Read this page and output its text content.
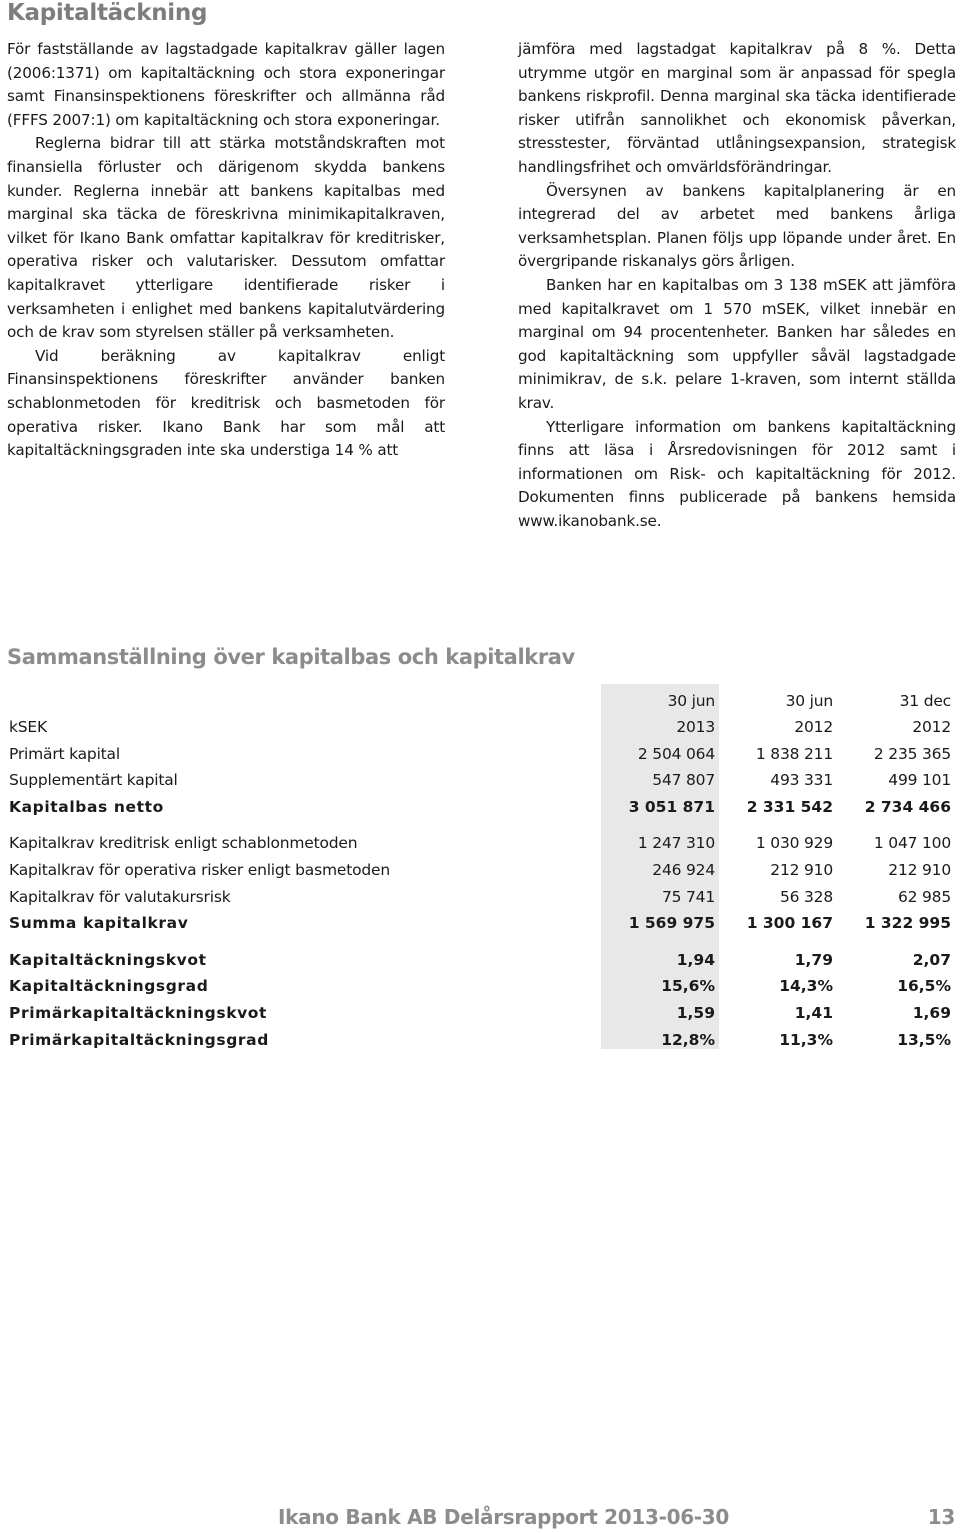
Kapitaltäckning

För fastställande av lagstadgade kapitalkrav gäller lagen (2006:1371) om kapitaltäckning och stora exponeringar samt Finansinspektionens föreskrifter och allmänna råd (FFFS 2007:1) om kapitaltäckning och stora exponeringar.

Reglerna bidrar till att stärka motståndskraften mot finansiella förluster och därigenom skydda bankens kunder. Reglerna innebär att bankens kapitalbas med marginal ska täcka de föreskrivna minimikapitalkraven, vilket för Ikano Bank omfattar kapitalkrav för kreditrisker, operativa risker och valutarisker. Dessutom omfattar kapitalkravet ytterligare identifierade risker i verksamheten i enlighet med bankens kapitalutvärdering och de krav som styrelsen ställer på verksamheten.

Vid beräkning av kapitalkrav enligt Finansinspektionens föreskrifter använder banken schablonmetoden för kreditrisk och basmetoden för operativa risker. Ikano Bank har som mål att kapitaltäckningsgraden inte ska understiga 14 % att

jämföra med lagstadgat kapitalkrav på 8 %. Detta utrymme utgör en marginal som är anpassad för spegla bankens riskprofil. Denna marginal ska täcka identifierade risker utifrån sannolikhet och ekonomisk påverkan, stresstester, förväntad utlåningsexpansion, strategisk handlingsfrihet och omvärldsförändringar.

Översynen av bankens kapitalplanering är en integrerad del av arbetet med bankens årliga verksamhetsplan. Planen följs upp löpande under året. En övergripande riskanalys görs årligen.

Banken har en kapitalbas om 3 138 mSEK att jämföra med kapitalkravet om 1 570 mSEK, vilket innebär en marginal om 94 procentenheter. Banken har således en god kapitaltäckning som uppfyller såväl lagstadgade minimikrav, de s.k. pelare 1-kraven, som internt ställda krav.

Ytterligare information om bankens kapitaltäckning finns att läsa i Årsredovisningen för 2012 samt i informationen om Risk- och kapitaltäckning för 2012. Dokumenten finns publicerade på bankens hemsida www.ikanobank.se.

Sammanställning över kapitalbas och kapitalkrav
	30 jun	30 jun	31 dec
kSEK	2013	2012	2012
Primärt kapital	2 504 064	1 838 211	2 235 365
Supplementärt kapital	547 807	493 331	499 101
Kapitalbas netto	3 051 871	2 331 542	2 734 466

Kapitalkrav kreditrisk enligt schablonmetoden	1 247 310	1 030 929	1 047 100
Kapitalkrav för operativa risker enligt basmetoden	246 924	212 910	212 910
Kapitalkrav för valutakursrisk	75 741	56 328	62 985
Summa kapitalkrav	1 569 975	1 300 167	1 322 995

Kapitaltäckningskvot	1,94	1,79	2,07
Kapitaltäckningsgrad	15,6%	14,3%	16,5%
Primärkapitaltäckningskvot	1,59	1,41	1,69
Primärkapitaltäckningsgrad	12,8%	11,3%	13,5%
Ikano Bank AB Delårsrapport 2013-06-30	13
